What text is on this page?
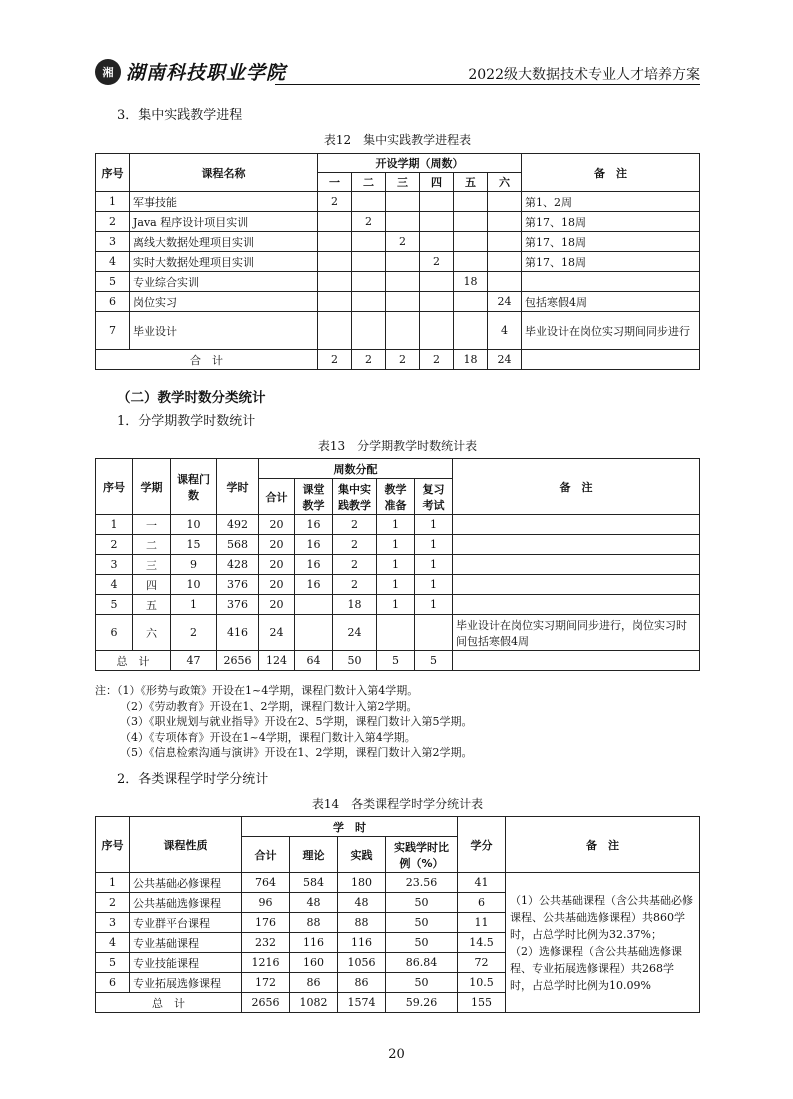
湘 湖南科技职业学院	2022级大数据技术专业人才培养方案
3．集中实践教学进程
表12　集中实践教学进程表
序号	课程名称	开设学期（周数）						备　注
		一	二	三	四	五	六	
1	军事技能	2						第1、2周
2	Java 程序设计项目实训		2					第17、18周
3	离线大数据处理项目实训			2				第17、18周
4	实时大数据处理项目实训				2			第17、18周
5	专业综合实训					18		
6	岗位实习						24	包括寒假4周
7	毕业设计						4	毕业设计在岗位实习期间同步进行
合　计		2	2	2	2	18	24	
（二）教学时数分类统计
1．分学期教学时数统计
表13　分学期教学时数统计表
序号	学期	课程门数	学时	周数分配					备　注
				合计	课堂教学	集中实践教学	教学准备	复习考试	
1	一	10	492	20	16	2	1	1	
2	二	15	568	20	16	2	1	1	
3	三	9	428	20	16	2	1	1	
4	四	10	376	20	16	2	1	1	
5	五	1	376	20		18	1	1	
6	六	2	416	24		24			毕业设计在岗位实习期间同步进行，岗位实习时间包括寒假4周
总　计		47	2656	124	64	50	5	5	
注：（1）《形势与政策》开设在1~4学期，课程门数计入第4学期。
（2）《劳动教育》开设在1、2学期，课程门数计入第2学期。
（3）《职业规划与就业指导》开设在2、5学期，课程门数计入第5学期。
（4）《专项体育》开设在1~4学期，课程门数计入第4学期。
（5）《信息检索沟通与演讲》开设在1、2学期，课程门数计入第2学期。
2．各类课程学时学分统计
表14　各类课程学时学分统计表
序号	课程性质	学　时				学分	备　注
		合计	理论	实践	实践学时比例（%）		
1	公共基础必修课程	764	584	180	23.56	41	（1）公共基础课程（含公共基础必修课程、公共基础选修课程）共860学时，占总学时比例为32.37%；
（2）选修课程（含公共基础选修课程、专业拓展选修课程）共268学时，占总学时比例为10.09%

2	公共基础选修课程	96	48	48	50	6	
3	专业群平台课程	176	88	88	50	11	
4	专业基础课程	232	116	116	50	14.5	
5	专业技能课程	1216	160	1056	86.84	72	
6	专业拓展选修课程	172	86	86	50	10.5	
总　计		2656	1082	1574	59.26	155	
20
